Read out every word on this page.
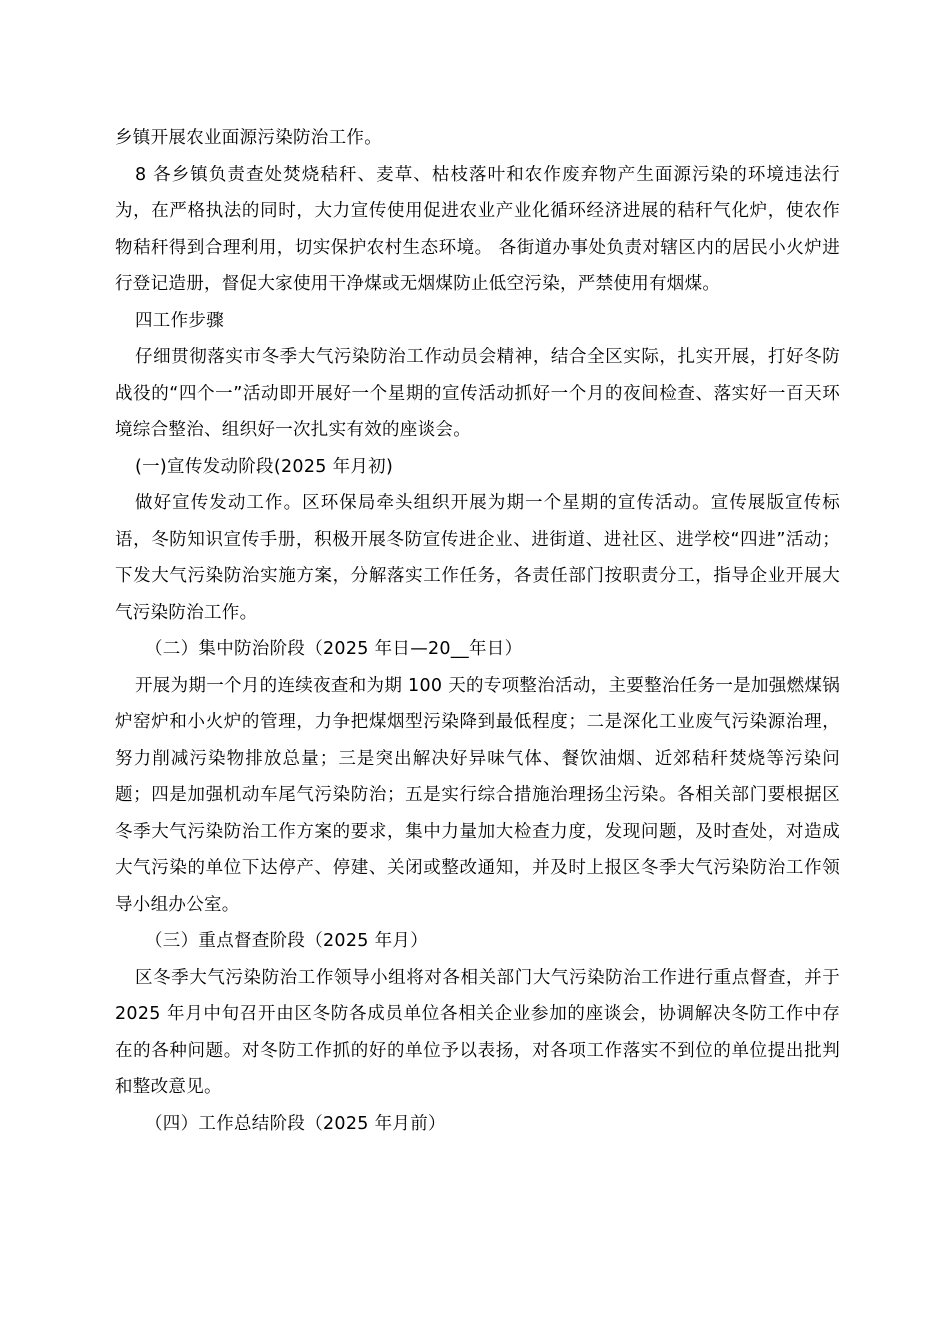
乡镇开展农业面源污染防治工作。

8 各乡镇负责查处焚烧秸秆、麦草、枯枝落叶和农作废弃物产生面源污染的环境违法行为，在严格执法的同时，大力宣传使用促进农业产业化循环经济进展的秸秆气化炉，使农作物秸秆得到合理利用，切实保护农村生态环境。 各街道办事处负责对辖区内的居民小火炉进行登记造册，督促大家使用干净煤或无烟煤防止低空污染，严禁使用有烟煤。

四工作步骤

仔细贯彻落实市冬季大气污染防治工作动员会精神，结合全区实际，扎实开展，打好冬防战役的“四个一”活动即开展好一个星期的宣传活动抓好一个月的夜间检查、落实好一百天环境综合整治、组织好一次扎实有效的座谈会。

(一)宣传发动阶段(2025 年月初)

做好宣传发动工作。区环保局牵头组织开展为期一个星期的宣传活动。宣传展版宣传标语，冬防知识宣传手册，积极开展冬防宣传进企业、进街道、进社区、进学校“四进”活动；下发大气污染防治实施方案，分解落实工作任务，各责任部门按职责分工，指导企业开展大气污染防治工作。

（二）集中防治阶段（2025 年日—20__年日）

开展为期一个月的连续夜查和为期 100 天的专项整治活动，主要整治任务一是加强燃煤锅炉窑炉和小火炉的管理，力争把煤烟型污染降到最低程度；二是深化工业废气污染源治理，努力削减污染物排放总量；三是突出解决好异味气体、餐饮油烟、近郊秸秆焚烧等污染问题；四是加强机动车尾气污染防治；五是实行综合措施治理扬尘污染。各相关部门要根据区冬季大气污染防治工作方案的要求，集中力量加大检查力度，发现问题，及时查处，对造成大气污染的单位下达停产、停建、关闭或整改通知，并及时上报区冬季大气污染防治工作领导小组办公室。

（三）重点督查阶段（2025 年月）

区冬季大气污染防治工作领导小组将对各相关部门大气污染防治工作进行重点督查，并于 2025 年月中旬召开由区冬防各成员单位各相关企业参加的座谈会，协调解决冬防工作中存在的各种问题。对冬防工作抓的好的单位予以表扬，对各项工作落实不到位的单位提出批判和整改意见。

（四）工作总结阶段（2025 年月前）
